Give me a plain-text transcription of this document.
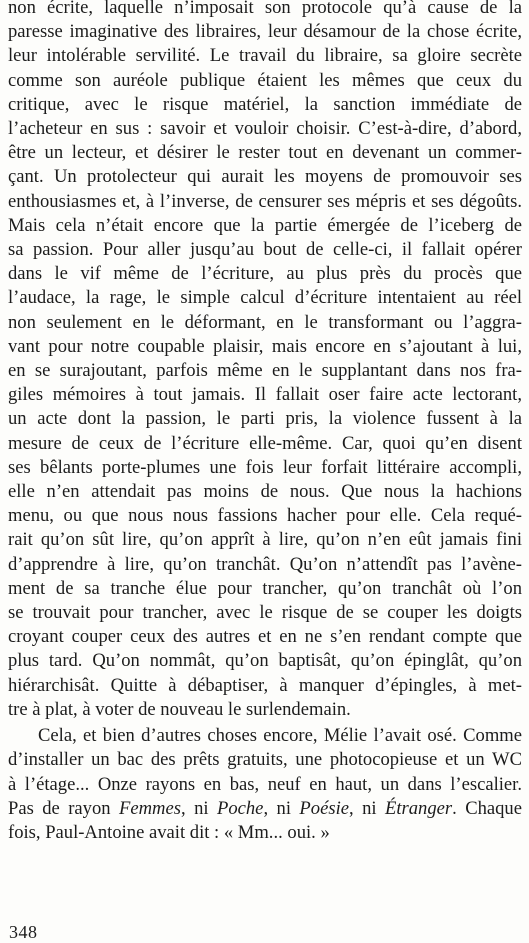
non écrite, laquelle n’imposait son protocole qu’à cause de la
paresse imaginative des libraires, leur désamour de la chose écrite,
leur intolérable servilité. Le travail du libraire, sa gloire secrète
comme son auréole publique étaient les mêmes que ceux du
critique, avec le risque matériel, la sanction immédiate de
l’acheteur en sus : savoir et vouloir choisir. C’est-à-dire, d’abord,
être un lecteur, et désirer le rester tout en devenant un commer-
çant. Un protolecteur qui aurait les moyens de promouvoir ses
enthousiasmes et, à l’inverse, de censurer ses mépris et ses dégoûts.
Mais cela n’était encore que la partie émergée de l’iceberg de
sa passion. Pour aller jusqu’au bout de celle-ci, il fallait opérer
dans le vif même de l’écriture, au plus près du procès que
l’audace, la rage, le simple calcul d’écriture intentaient au réel
non seulement en le déformant, en le transformant ou l’aggra-
vant pour notre coupable plaisir, mais encore en s’ajoutant à lui,
en se surajoutant, parfois même en le supplantant dans nos fra-
giles mémoires à tout jamais. Il fallait oser faire acte lectorant,
un acte dont la passion, le parti pris, la violence fussent à la
mesure de ceux de l’écriture elle-même. Car, quoi qu’en disent
ses bêlants porte-plumes une fois leur forfait littéraire accompli,
elle n’en attendait pas moins de nous. Que nous la hachions
menu, ou que nous nous fassions hacher pour elle. Cela requé-
rait qu’on sût lire, qu’on apprît à lire, qu’on n’en eût jamais fini
d’apprendre à lire, qu’on tranchât. Qu’on n’attendît pas l’avène-
ment de sa tranche élue pour trancher, qu’on tranchât où l’on
se trouvait pour trancher, avec le risque de se couper les doigts
croyant couper ceux des autres et en ne s’en rendant compte que
plus tard. Qu’on nommât, qu’on baptisât, qu’on épinglât, qu’on
hiérarchisât. Quitte à débaptiser, à manquer d’épingles, à met-
tre à plat, à voter de nouveau le surlendemain.
Cela, et bien d’autres choses encore, Mélie l’avait osé. Comme
d’installer un bac des prêts gratuits, une photocopieuse et un WC
à l’étage... Onze rayons en bas, neuf en haut, un dans l’escalier.
Pas de rayon Femmes, ni Poche, ni Poésie, ni Étranger. Chaque
fois, Paul-Antoine avait dit : « Mm... oui. »
348
